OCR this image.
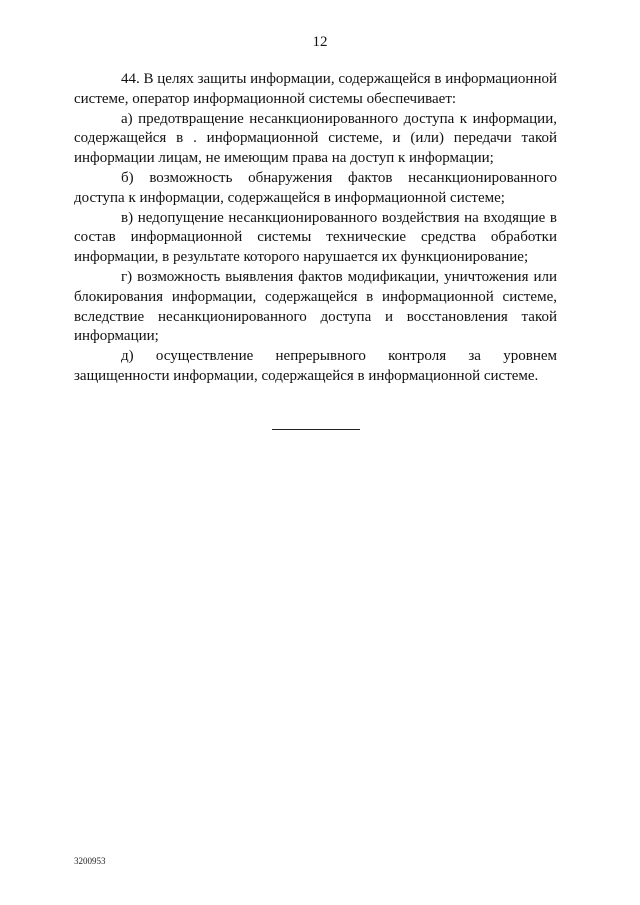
12

44. В целях защиты информации, содержащейся в информационной системе, оператор информационной системы обеспечивает:

а) предотвращение несанкционированного доступа к информации, содержащейся в . информационной системе, и (или) передачи такой информации лицам, не имеющим права на доступ к информации;

б) возможность обнаружения фактов несанкционированного доступа к информации, содержащейся в информационной системе;

в) недопущение несанкционированного воздействия на входящие в состав информационной системы технические средства обработки информации, в результате которого нарушается их функционирование;

г) возможность выявления фактов модификации, уничтожения или блокирования информации, содержащейся в информационной системе, вследствие несанкционированного доступа и восстановления такой информации;

д) осуществление непрерывного контроля за уровнем защищенности информации, содержащейся в информационной системе.

3200953
